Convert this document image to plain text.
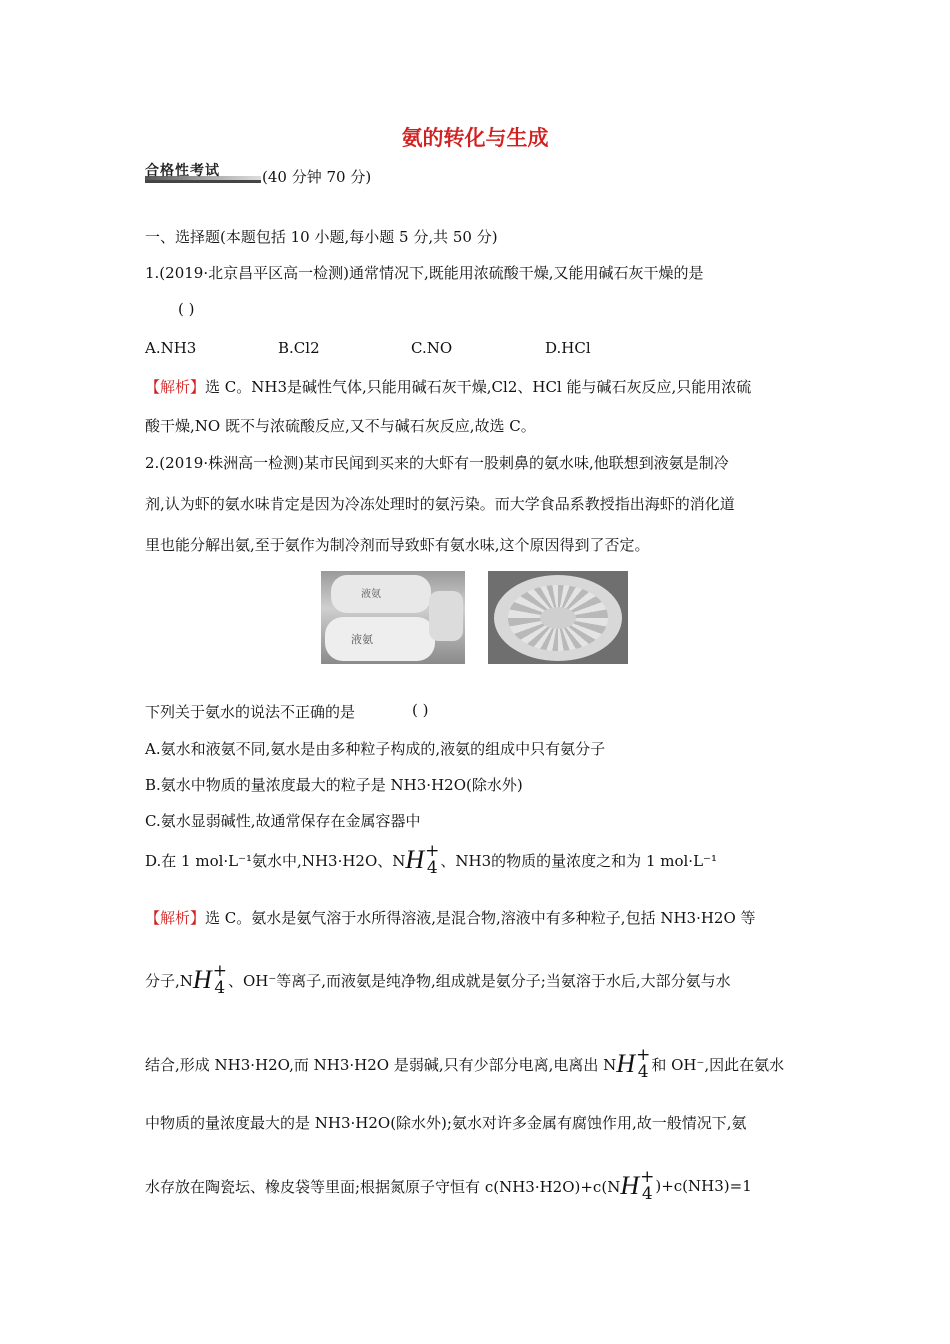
氨的转化与生成
合格性考试	(40 分钟 70 分)
一、选择题(本题包括 10 小题,每小题 5 分,共 50 分)
1.(2019·北京昌平区高一检测)通常情况下,既能用浓硫酸干燥,又能用碱石灰干燥的是
( )
A.NH3	B.Cl2	C.NO	D.HCl
【解析】选 C。NH3是碱性气体,只能用碱石灰干燥,Cl2、HCl 能与碱石灰反应,只能用浓硫
酸干燥,NO 既不与浓硫酸反应,又不与碱石灰反应,故选 C。
2.(2019·株洲高一检测)某市民闻到买来的大虾有一股刺鼻的氨水味,他联想到液氨是制冷
剂,认为虾的氨水味肯定是因为冷冻处理时的氨污染。而大学食品系教授指出海虾的消化道
里也能分解出氨,至于氨作为制冷剂而导致虾有氨水味,这个原因得到了否定。
液氨
液氨
下列关于氨水的说法不正确的是	( )
A.氨水和液氨不同,氨水是由多种粒子构成的,液氨的组成中只有氨分子
B.氨水中物质的量浓度最大的粒子是 NH3·H2O(除水外)
C.氨水显弱碱性,故通常保存在金属容器中
D.在 1 mol·L⁻¹氨水中,NH3·H2O、N H +
4 、NH3的物质的量浓度之和为 1 mol·L⁻¹
【解析】选 C。氨水是氨气溶于水所得溶液,是混合物,溶液中有多种粒子,包括 NH3·H2O 等
分子,N H +
4 、OH⁻等离子,而液氨是纯净物,组成就是氨分子;当氨溶于水后,大部分氨与水
结合,形成 NH3·H2O,而 NH3·H2O 是弱碱,只有少部分电离,电离出 N H +
4 和 OH⁻,因此在氨水
中物质的量浓度最大的是 NH3·H2O(除水外);氨水对许多金属有腐蚀作用,故一般情况下,氨
水存放在陶瓷坛、橡皮袋等里面;根据氮原子守恒有 c(NH3·H2O)+c(N H +
4 )+c(NH3)=1
